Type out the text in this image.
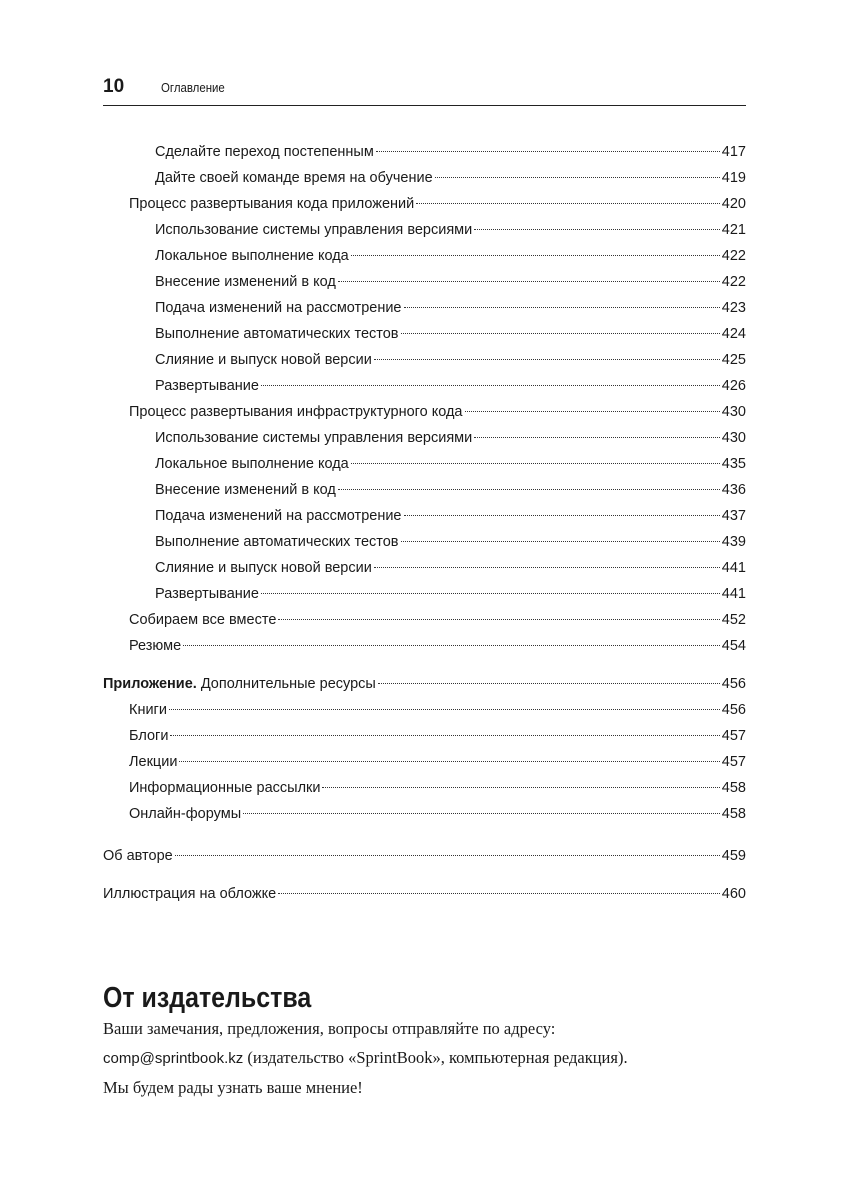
10	Оглавление
Сделайте переход постепенным	417
Дайте своей команде время на обучение	419
Процесс развертывания кода приложений	420
Использование системы управления версиями	421
Локальное выполнение кода	422
Внесение изменений в код	422
Подача изменений на рассмотрение	423
Выполнение автоматических тестов	424
Слияние и выпуск новой версии	425
Развертывание	426
Процесс развертывания инфраструктурного кода	430
Использование системы управления версиями	430
Локальное выполнение кода	435
Внесение изменений в код	436
Подача изменений на рассмотрение	437
Выполнение автоматических тестов	439
Слияние и выпуск новой версии	441
Развертывание	441
Собираем все вместе	452
Резюме	454
Приложение. Дополнительные ресурсы	456
Книги	456
Блоги	457
Лекции	457
Информационные рассылки	458
Онлайн-форумы	458
Об авторе	459
Иллюстрация на обложке	460
От издательства
Ваши замечания, предложения, вопросы отправляйте по адресу:
comp@sprintbook.kz (издательство «SprintBook», компьютерная редакция).
Мы будем рады узнать ваше мнение!
